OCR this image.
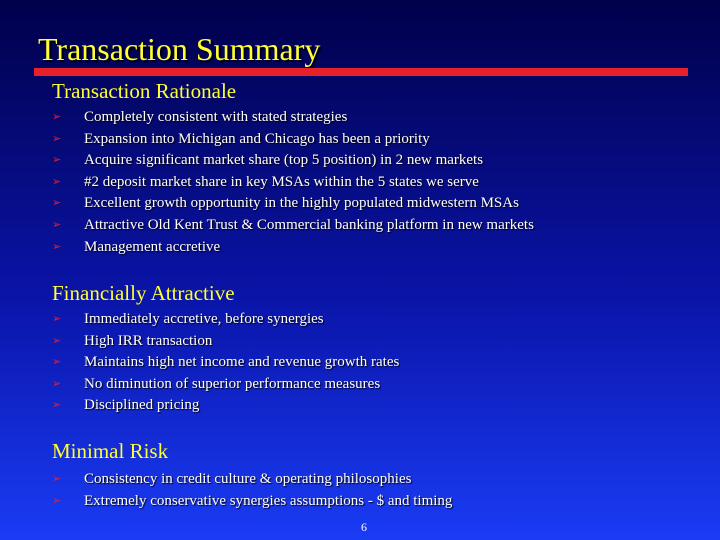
Transaction Summary
Transaction Rationale
➢	Completely consistent with stated strategies
➢	Expansion into Michigan and Chicago has been a priority
➢	Acquire significant market share (top 5 position) in 2 new markets
➢	#2 deposit market share in key MSAs within the 5 states we serve
➢	Excellent growth opportunity in the highly populated midwestern MSAs
➢	Attractive Old Kent Trust & Commercial banking platform in new markets
➢	Management accretive
Financially Attractive
➢	Immediately accretive, before synergies
➢	High IRR transaction
➢	Maintains high net income and revenue growth rates
➢	No diminution of superior performance measures
➢	Disciplined pricing
Minimal Risk
➢	Consistency in credit culture & operating philosophies
➢	Extremely conservative synergies assumptions - $ and timing
6
